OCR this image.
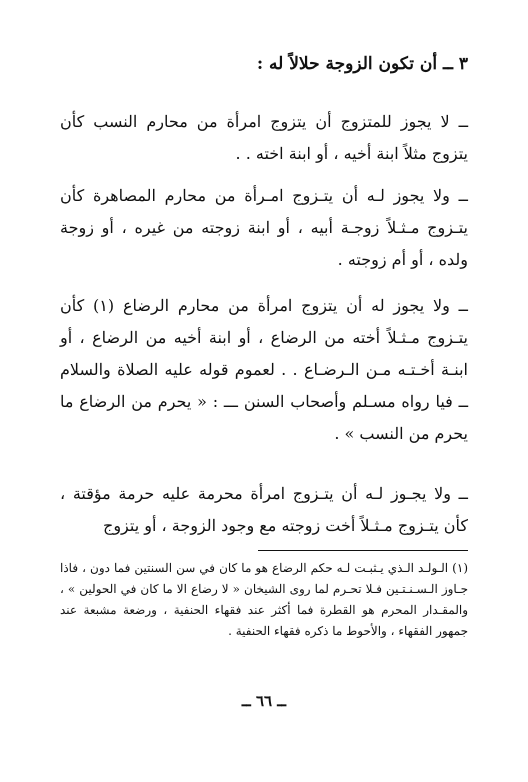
٣ ــ أن تكون الزوجة حلالاً له :
ــ لا يجوز للمتزوج أن يتزوج امرأة من محارم النسب كأن يتزوج مثلاً ابنة أخيه ، أو ابنة اخته . .
ــ ولا يجوز لـه أن يتـزوج امـرأة من محارم المصاهرة كأن يتـزوج مـثـلاً زوجـة أبيه ، أو ابنة زوجته من غيره ، أو زوجة ولده ، أو أم زوجته .
ــ ولا يجوز له أن يتزوج امرأة من محارم الرضاع (١) كأن يتـزوج مـثـلاً أخته من الرضاع ، أو ابنة أخيه من الرضاع ، أو ابنـة أخـتـه مـن الـرضـاع . . لعموم قوله عليه الصلاة والسلام ــ فيا رواه مسـلم وأصحاب السنن ـــ : « يحرم من الرضاع ما يحرم من النسب » .
ــ ولا يجـوز لـه أن يتـزوج امرأة محرمة عليه حرمة مؤقتة ، كأن يتـزوج مـثـلاً أخت زوجته مع وجود الزوجة ، أو يتزوج
(١) الـولـد الـذي يـثبـت لـه حكم الرضاع هو ما كان في سن السنتين فما دون ، فاذا جـاوز الـسـنـتـين فـلا تحـرم لما روى الشيخان « لا رضاع الا ما كان في الحولين » ، والمقـدار المحرم هو القطرة فما أكثر عند فقهاء الحنفية ، ورضعة مشبعة عند جمهور الفقهاء ، والأحوط ما ذكره فقهاء الحنفية .
ــ ٦٦ ــ
